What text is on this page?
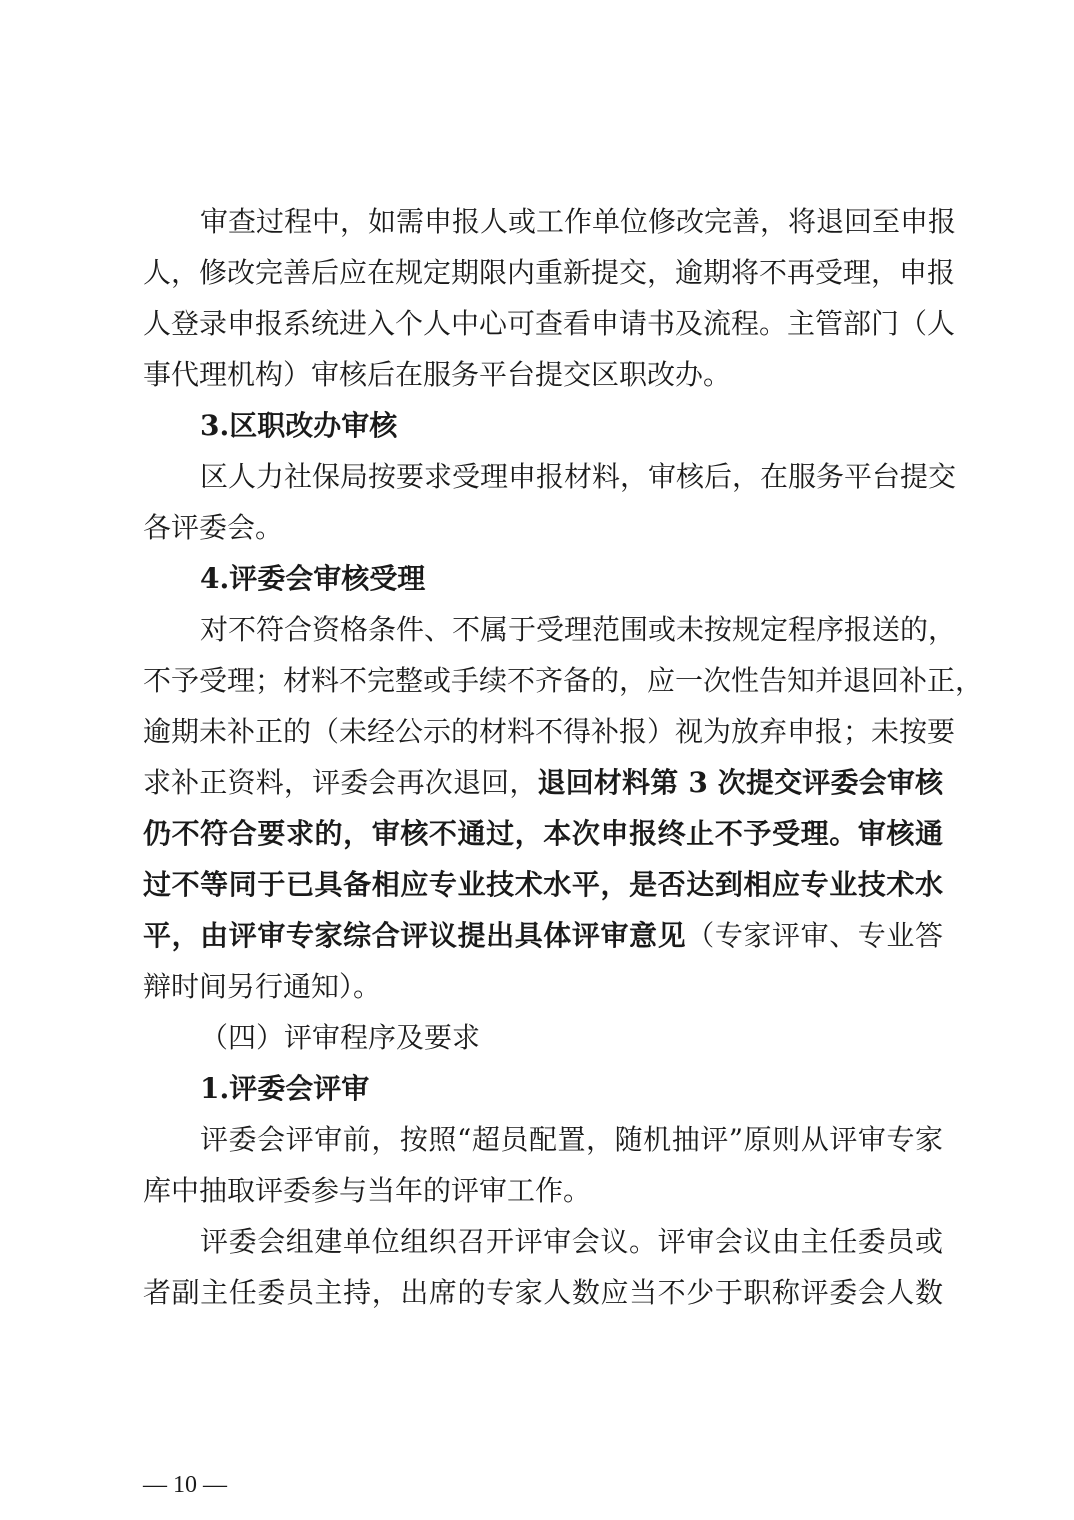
审查过程中，如需申报人或工作单位修改完善，将退回至申报
人，修改完善后应在规定期限内重新提交，逾期将不再受理，申报
人登录申报系统进入个人中心可查看申请书及流程。主管部门（人
事代理机构）审核后在服务平台提交区职改办。
3.区职改办审核
区人力社保局按要求受理申报材料，审核后，在服务平台提交
各评委会。
4.评委会审核受理
对不符合资格条件、不属于受理范围或未按规定程序报送的，
不予受理；材料不完整或手续不齐备的，应一次性告知并退回补正，
逾期未补正的（未经公示的材料不得补报）视为放弃申报；未按要
求补正资料，评委会再次退回，退回材料第 3 次提交评委会审核
仍不符合要求的，审核不通过，本次申报终止不予受理。审核通
过不等同于已具备相应专业技术水平，是否达到相应专业技术水
平，由评审专家综合评议提出具体评审意见（专家评审、专业答
辩时间另行通知）。
（四）评审程序及要求
1.评委会评审
评委会评审前，按照“超员配置，随机抽评”原则从评审专家
库中抽取评委参与当年的评审工作。
评委会组建单位组织召开评审会议。评审会议由主任委员或
者副主任委员主持，出席的专家人数应当不少于职称评委会人数
— 10 —
